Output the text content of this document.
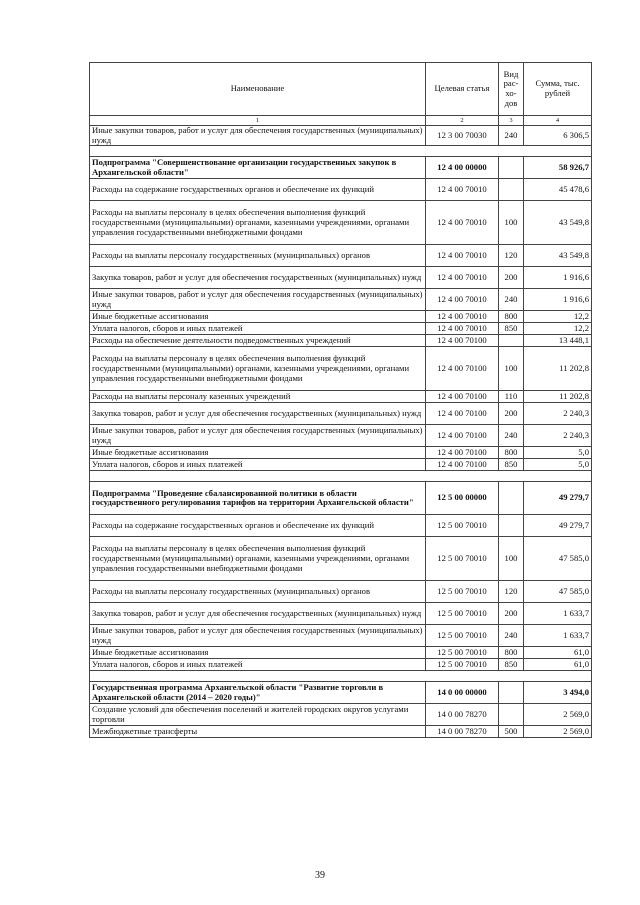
Наименование	Целевая статья	Вид рас-хо-дов	Сумма, тыс. рублей
1	2	3	4
Иные закупки товаров, работ и услуг для обеспечения государственных (муниципальных) нужд	12 3 00 70030	240	6 306,5

Подпрограмма "Совершенствование организации государственных закупок в Архангельской области"	12 4 00 00000		58 926,7
Расходы на содержание государственных органов и обеспечение их функций	12 4 00 70010		45 478,6
Расходы на выплаты персоналу в целях обеспечения выполнения функций государственными (муниципальными) органами, казенными учреждениями, органами управления государственными внебюджетными фондами	12 4 00 70010	100	43 549,8
Расходы на выплаты персоналу государственных (муниципальных) органов	12 4 00 70010	120	43 549,8
Закупка товаров, работ и услуг для обеспечения государственных (муниципальных) нужд	12 4 00 70010	200	1 916,6
Иные закупки товаров, работ и услуг для обеспечения государственных (муниципальных) нужд	12 4 00 70010	240	1 916,6
Иные бюджетные ассигнования	12 4 00 70010	800	12,2
Уплата налогов, сборов и иных платежей	12 4 00 70010	850	12,2
Расходы на обеспечение деятельности подведомственных учреждений	12 4 00 70100		13 448,1
Расходы на выплаты персоналу в целях обеспечения выполнения функций государственными (муниципальными) органами, казенными учреждениями, органами управления государственными внебюджетными фондами	12 4 00 70100	100	11 202,8
Расходы на выплаты персоналу казенных учреждений	12 4 00 70100	110	11 202,8
Закупка товаров, работ и услуг для обеспечения государственных (муниципальных) нужд	12 4 00 70100	200	2 240,3
Иные закупки товаров, работ и услуг для обеспечения государственных (муниципальных) нужд	12 4 00 70100	240	2 240,3
Иные бюджетные ассигнования	12 4 00 70100	800	5,0
Уплата налогов, сборов и иных платежей	12 4 00 70100	850	5,0

Подпрограмма "Проведение сбалансированной политики в области государственного регулирования тарифов на территории Архангельской области"	12 5 00 00000		49 279,7
Расходы на содержание государственных органов и обеспечение их функций	12 5 00 70010		49 279,7
Расходы на выплаты персоналу в целях обеспечения выполнения функций государственными (муниципальными) органами, казенными учреждениями, органами управления государственными внебюджетными фондами	12 5 00 70010	100	47 585,0
Расходы на выплаты персоналу государственных (муниципальных) органов	12 5 00 70010	120	47 585,0
Закупка товаров, работ и услуг для обеспечения государственных (муниципальных) нужд	12 5 00 70010	200	1 633,7
Иные закупки товаров, работ и услуг для обеспечения государственных (муниципальных) нужд	12 5 00 70010	240	1 633,7
Иные бюджетные ассигнования	12 5 00 70010	800	61,0
Уплата налогов, сборов и иных платежей	12 5 00 70010	850	61,0

Государственная программа Архангельской области "Развитие торговли в Архангельской области (2014 – 2020 годы)"	14 0 00 00000		3 494,0
Создание условий для обеспечения поселений и жителей городских округов услугами торговли	14 0 00 78270		2 569,0
Межбюджетные трансферты	14 0 00 78270	500	2 569,0
39
